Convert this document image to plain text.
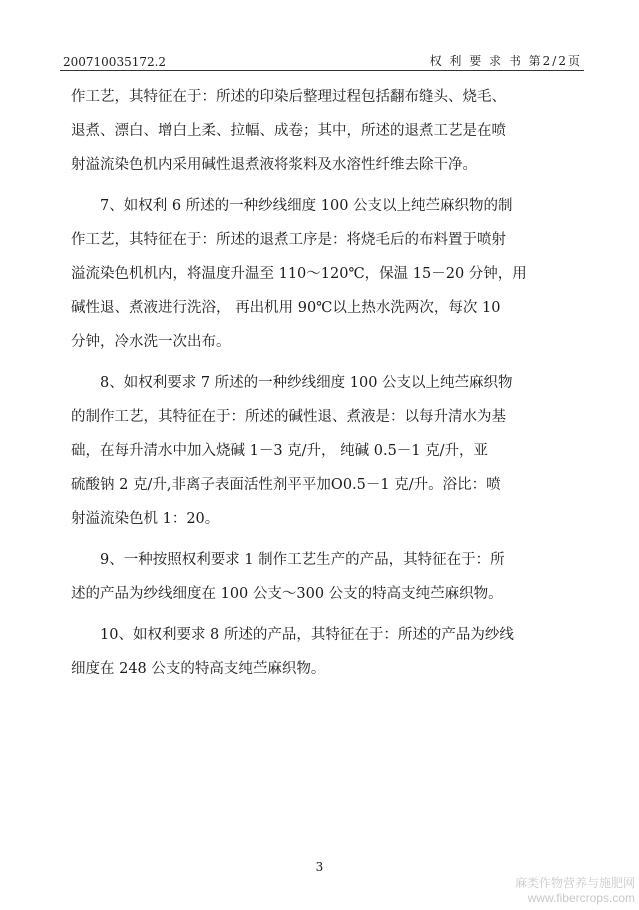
200710035172.2	权 利 要 求 书 第2/2页
作工艺，其特征在于：所述的印染后整理过程包括翻布缝头、烧毛、
退煮、漂白、增白上柔、拉幅、成卷；其中，所述的退煮工艺是在喷
射溢流染色机内采用碱性退煮液将浆料及水溶性纤维去除干净。
7、如权利 6 所述的一种纱线细度 100 公支以上纯苎麻织物的制
作工艺，其特征在于：所述的退煮工序是：将烧毛后的布料置于喷射
溢流染色机机内，将温度升温至 110～120℃，保温 15－20 分钟，用
碱性退、煮液进行洗浴， 再出机用 90℃以上热水洗两次，每次 10
分钟，冷水洗一次出布。
8、如权利要求 7 所述的一种纱线细度 100 公支以上纯苎麻织物
的制作工艺，其特征在于：所述的碱性退、煮液是：以每升清水为基
础，在每升清水中加入烧碱 1－3 克/升， 纯碱 0.5－1 克/升，亚
硫酸钠 2 克/升,非离子表面活性剂平平加O0.5－1 克/升。浴比：喷
射溢流染色机 1：20。
9、一种按照权利要求 1 制作工艺生产的产品，其特征在于：所
述的产品为纱线细度在 100 公支～300 公支的特高支纯苎麻织物。
10、如权利要求 8 所述的产品，其特征在于：所述的产品为纱线
细度在 248 公支的特高支纯苎麻织物。
3
麻类作物营养与施肥网
www.fibercrops.com
